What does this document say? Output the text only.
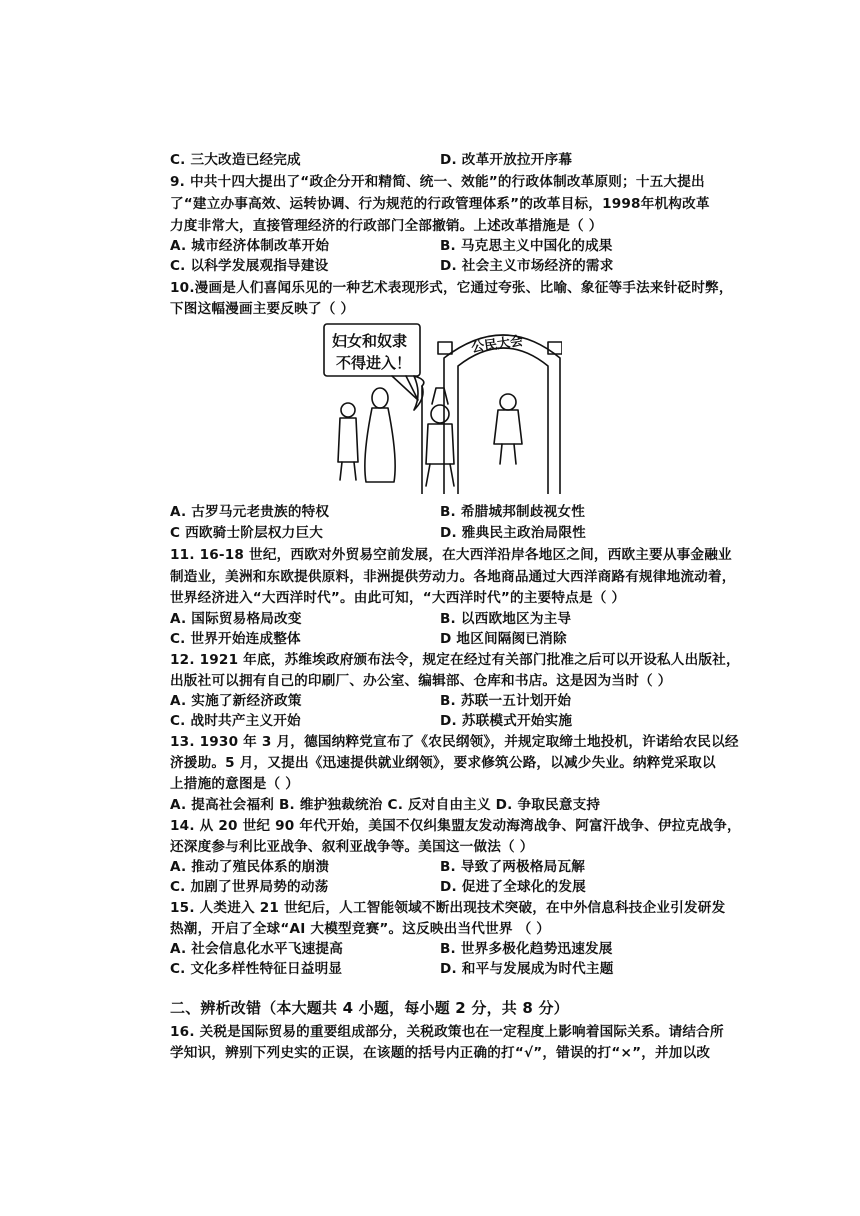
C. 三大改造已经完成	D. 改革开放拉开序幕
9. 中共十四大提出了“政企分开和精简、统一、效能”的行政体制改革原则；十五大提出
了“建立办事高效、运转协调、行为规范的行政管理体系”的改革目标，1998年机构改革
力度非常大，直接管理经济的行政部门全部撤销。上述改革措施是（ ）
A. 城市经济体制改革开始	B. 马克思主义中国化的成果
C. 以科学发展观指导建设	D. 社会主义市场经济的需求
10.漫画是人们喜闻乐见的一种艺术表现形式，它通过夸张、比喻、象征等手法来针砭时弊，
下图这幅漫画主要反映了（ ）
妇女和奴隶
不得进入！
公民大会
A. 古罗马元老贵族的特权	B. 希腊城邦制歧视女性
C 西欧骑士阶层权力巨大	D. 雅典民主政治局限性
11. 16-18 世纪，西欧对外贸易空前发展，在大西洋沿岸各地区之间，西欧主要从事金融业
制造业，美洲和东欧提供原料，非洲提供劳动力。各地商品通过大西洋商路有规律地流动着，
世界经济进入“大西洋时代”。由此可知，“大西洋时代”的主要特点是（ ）
A. 国际贸易格局改变	B. 以西欧地区为主导
C. 世界开始连成整体	D 地区间隔阂已消除
12. 1921 年底，苏维埃政府颁布法令，规定在经过有关部门批准之后可以开设私人出版社，
出版社可以拥有自己的印刷厂、办公室、编辑部、仓库和书店。这是因为当时（ ）
A. 实施了新经济政策	B. 苏联一五计划开始
C. 战时共产主义开始	D. 苏联模式开始实施
13. 1930 年 3 月，德国纳粹党宣布了《农民纲领》，并规定取缔土地投机，许诺给农民以经
济援助。5 月，又提出《迅速提供就业纲领》，要求修筑公路，以减少失业。纳粹党采取以
上措施的意图是（ ）
A. 提高社会福利 B. 维护独裁统治 C. 反对自由主义 D. 争取民意支持
14. 从 20 世纪 90 年代开始，美国不仅纠集盟友发动海湾战争、阿富汗战争、伊拉克战争，
还深度参与利比亚战争、叙利亚战争等。美国这一做法（ ）
A. 推动了殖民体系的崩溃	B. 导致了两极格局瓦解
C. 加剧了世界局势的动荡	D. 促进了全球化的发展
15. 人类进入 21 世纪后，人工智能领域不断出现技术突破，在中外信息科技企业引发研发
热潮，开启了全球“AI 大模型竞赛”。这反映出当代世界 （ ）
A. 社会信息化水平飞速提高	B. 世界多极化趋势迅速发展
C. 文化多样性特征日益明显	D. 和平与发展成为时代主题
二、辨析改错（本大题共 4 小题，每小题 2 分，共 8 分）
16. 关税是国际贸易的重要组成部分，关税政策也在一定程度上影响着国际关系。请结合所
学知识，辨别下列史实的正误，在该题的括号内正确的打“√”，错误的打“×”，并加以改
